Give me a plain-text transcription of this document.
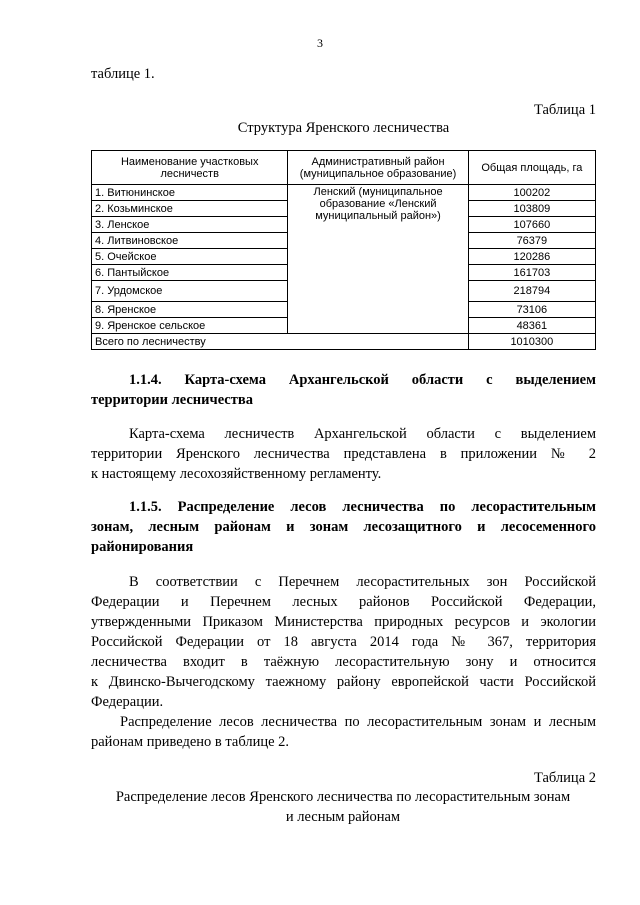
3
таблице 1.
Таблица 1
Структура Яренского лесничества
Наименование участковых лесничеств	Административный район (муниципальное образование)	Общая площадь, га
1. Витюнинское	Ленский (муниципальное образование «Ленский муниципальный район»)	100202
2. Козьминское		103809
3. Ленское		107660
4. Литвиновское		76379
5. Очейское		120286
6. Пантыйское		161703
7. Урдомское		218794
8. Яренское		73106
9. Яренское сельское		48361
Всего по лесничеству		1010300
1.1.4. Карта-схема Архангельской области с выделением
территории лесничества
Карта-схема лесничеств Архангельской области с выделением
территории Яренского лесничества представлена в приложении № 2
к настоящему лесохозяйственному регламенту.
1.1.5. Распределение лесов лесничества по лесорастительным
зонам, лесным районам и зонам лесозащитного и лесосеменного
районирования
В соответствии с Перечнем лесорастительных зон Российской
Федерации и Перечнем лесных районов Российской Федерации,
утвержденными Приказом Министерства природных ресурсов и экологии
Российской Федерации от 18 августа 2014 года № 367, территория
лесничества входит в таёжную лесорастительную зону и относится
к Двинско-Вычегодскому таежному району европейской части Российской
Федерации.
Распределение лесов лесничества по лесорастительным зонам и лесным
районам приведено в таблице 2.
Таблица 2
Распределение лесов Яренского лесничества по лесорастительным зонам
и лесным районам
